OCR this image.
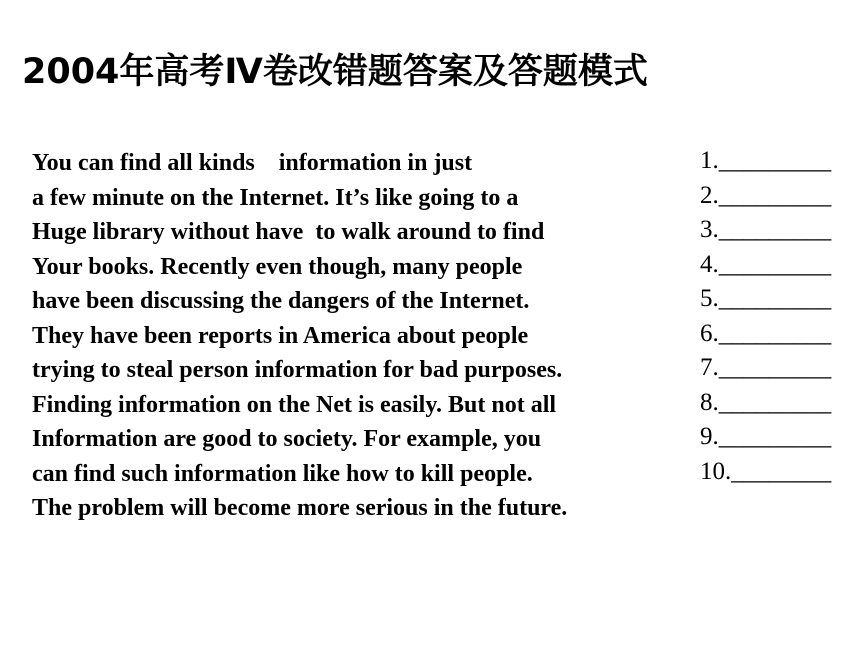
2004年高考Ⅳ卷改错题答案及答题模式
You can find all kinds    information in just
a few minute on the Internet. It’s like going to a
Huge library without have  to walk around to find
Your books. Recently even though, many people
have been discussing the dangers of the Internet.
They have been reports in America about people
trying to steal person information for bad purposes.
Finding information on the Net is easily. But not all
Information are good to society. For example, you
can find such information like how to kill people.
The problem will become more serious in the future.
1._________
2._________
3._________
4._________
5._________
6._________
7._________
8._________
9._________
10.________
